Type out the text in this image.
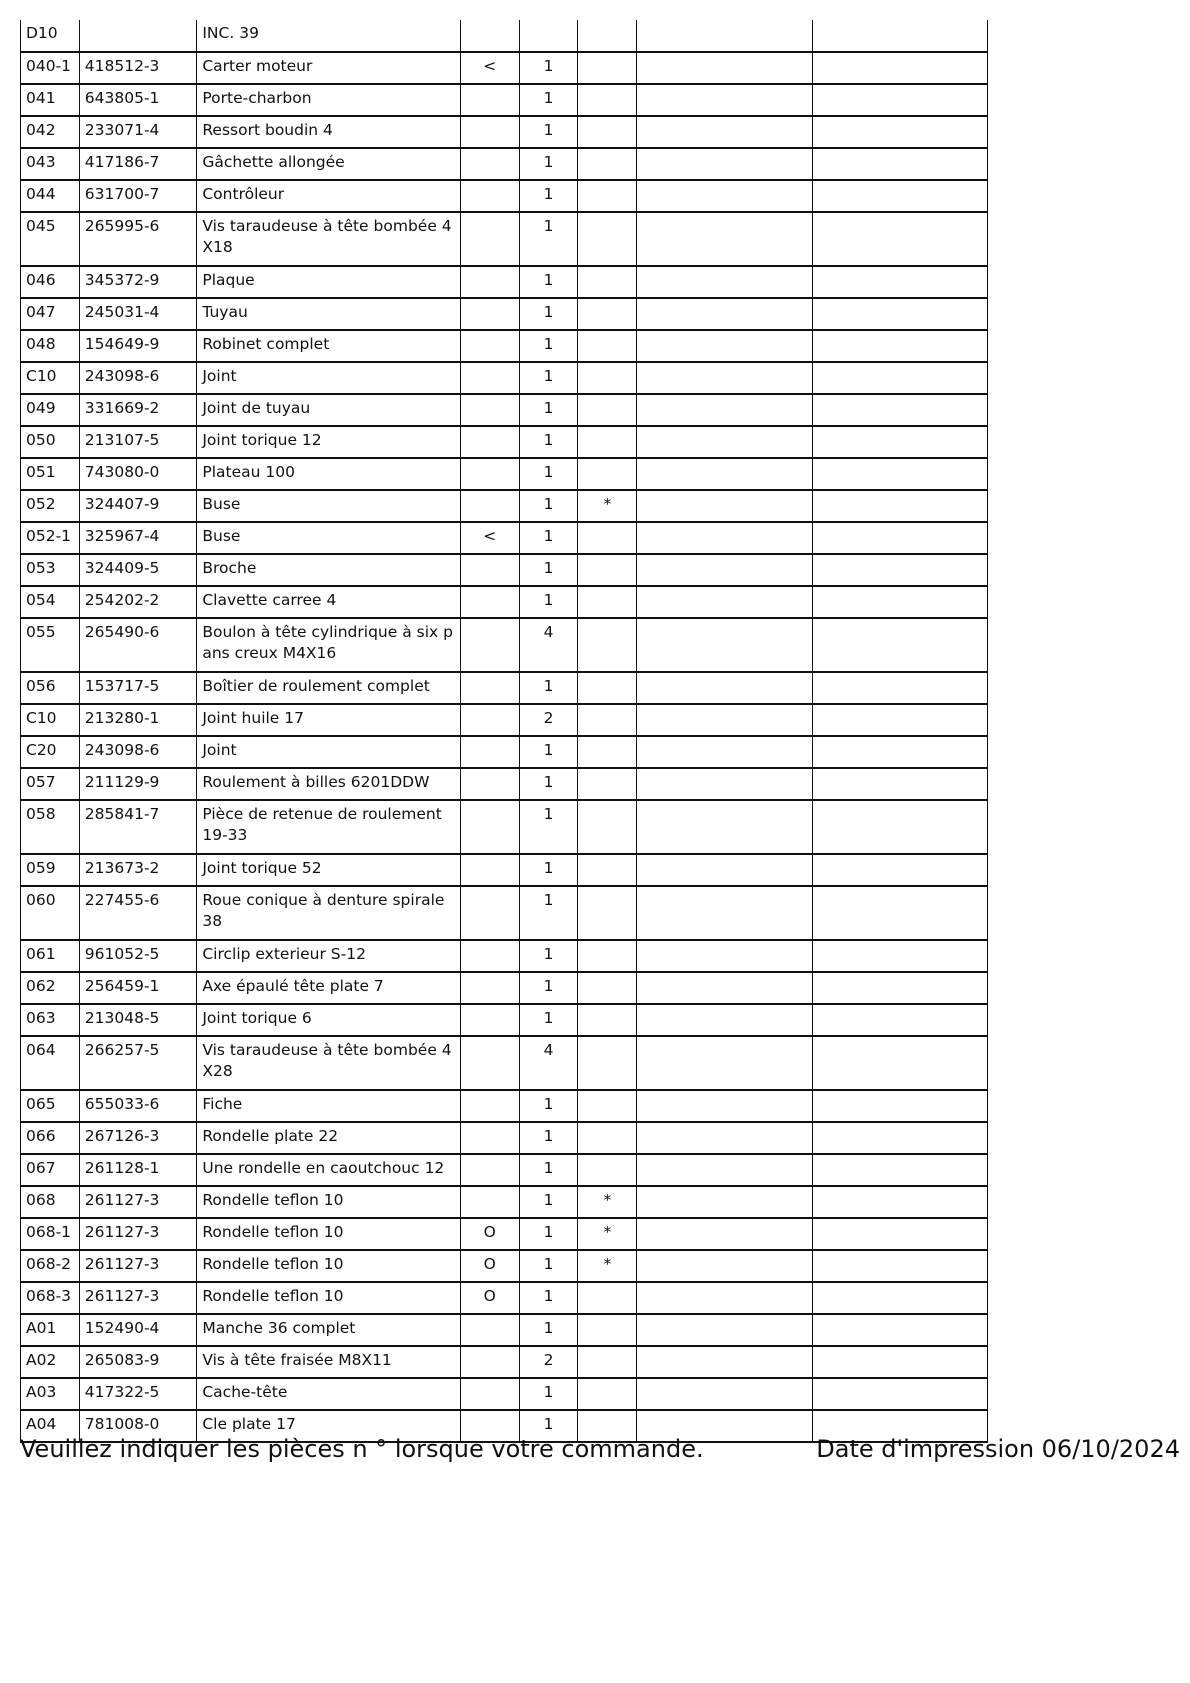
D10		INC. 39					
040-1	418512-3	Carter moteur	<	1			
041	643805-1	Porte-charbon		1			
042	233071-4	Ressort boudin 4		1			
043	417186-7	Gâchette allongée		1			
044	631700-7	Contrôleur		1			
045	265995-6	Vis taraudeuse à tête bombée 4X18		1			
046	345372-9	Plaque		1			
047	245031-4	Tuyau		1			
048	154649-9	Robinet complet		1			
C10	243098-6	Joint		1			
049	331669-2	Joint de tuyau		1			
050	213107-5	Joint torique 12		1			
051	743080-0	Plateau 100		1			
052	324407-9	Buse		1	*		
052-1	325967-4	Buse	<	1			
053	324409-5	Broche		1			
054	254202-2	Clavette carree 4		1			
055	265490-6	Boulon à tête cylindrique à six pans creux M4X16		4			
056	153717-5	Boîtier de roulement complet		1			
C10	213280-1	Joint huile 17		2			
C20	243098-6	Joint		1			
057	211129-9	Roulement à billes 6201DDW		1			
058	285841-7	Pièce de retenue de roulement 19-33		1			
059	213673-2	Joint torique 52		1			
060	227455-6	Roue conique à denture spirale 38		1			
061	961052-5	Circlip exterieur S-12		1			
062	256459-1	Axe épaulé tête plate 7		1			
063	213048-5	Joint torique 6		1			
064	266257-5	Vis taraudeuse à tête bombée 4X28		4			
065	655033-6	Fiche		1			
066	267126-3	Rondelle plate 22		1			
067	261128-1	Une rondelle en caoutchouc 12		1			
068	261127-3	Rondelle teflon 10		1	*		
068-1	261127-3	Rondelle teflon 10	O	1	*		
068-2	261127-3	Rondelle teflon 10	O	1	*		
068-3	261127-3	Rondelle teflon 10	O	1			
A01	152490-4	Manche 36 complet		1			
A02	265083-9	Vis à tête fraisée M8X11		2			
A03	417322-5	Cache-tête		1			
A04	781008-0	Cle plate 17		1			
Veuillez indiquer les pièces n ° lorsque votre commande.	Date d'impression 06/10/2024
